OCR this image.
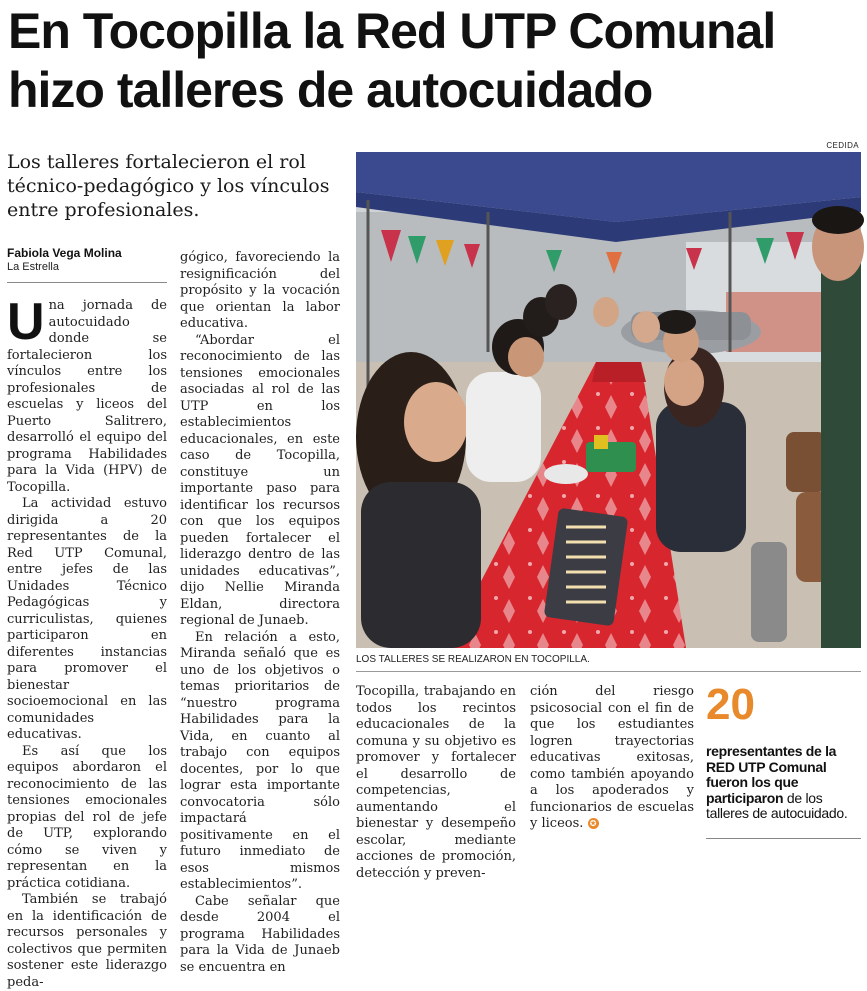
En Tocopilla la Red UTP Comunal
hizo talleres de autocuidado
CEDIDA
Los talleres fortalecieron el rol técnico-pedagógico y los vínculos entre profesionales.
Fabiola Vega Molina
La Estrella

Una jornada de autocuidado donde se fortalecieron los vínculos entre los profesionales de escuelas y liceos del Puerto Salitrero, desarrolló el equipo del programa Habilidades para la Vida (HPV) de Tocopilla.

La actividad estuvo dirigida a 20 representantes de la Red UTP Comunal, entre jefes de las Unidades Técnico Pedagógicas y curriculistas, quienes participaron en diferentes instancias para promover el bienestar socioemocional en las comunidades educativas.

Es así que los equipos abordaron el reconocimiento de las tensiones emocionales propias del rol de jefe de UTP, explorando cómo se viven y representan en la práctica cotidiana.

También se trabajó en la identificación de recursos personales y colectivos que permiten sostener este liderazgo peda-

gógico, favoreciendo la resignificación del propósito y la vocación que orientan la labor educativa.

“Abordar el reconocimiento de las tensiones emocionales asociadas al rol de las UTP en los establecimientos educacionales, en este caso de Tocopilla, constituye un importante paso para identificar los recursos con que los equipos pueden fortalecer el liderazgo dentro de las unidades educativas”, dijo Nellie Miranda Eldan, directora regional de Junaeb.

En relación a esto, Miranda señaló que es uno de los objetivos o temas prioritarios de “nuestro programa Habilidades para la Vida, en cuanto al trabajo con equipos docentes, por lo que lograr esta importante convocatoria sólo impactará positivamente en el futuro inmediato de esos mismos establecimientos”.

Cabe señalar que desde 2004 el programa Habilidades para la Vida de Junaeb se encuentra en

LOS TALLERES SE REALIZARON EN TOCOPILLA.

Tocopilla, trabajando en todos los recintos educacionales de la comuna y su objetivo es promover y fortalecer el desarrollo de competencias, aumentando el bienestar y desempeño escolar, mediante acciones de promoción, detección y preven-

ción del riesgo psicosocial con el fin de que los estudiantes logren trayectorias educativas exitosas, como también apoyando a los apoderados y funcionarios de escuelas y liceos. ✪

20
representantes de la RED UTP Comunal fueron los que participaron de los talleres de autocuidado.
